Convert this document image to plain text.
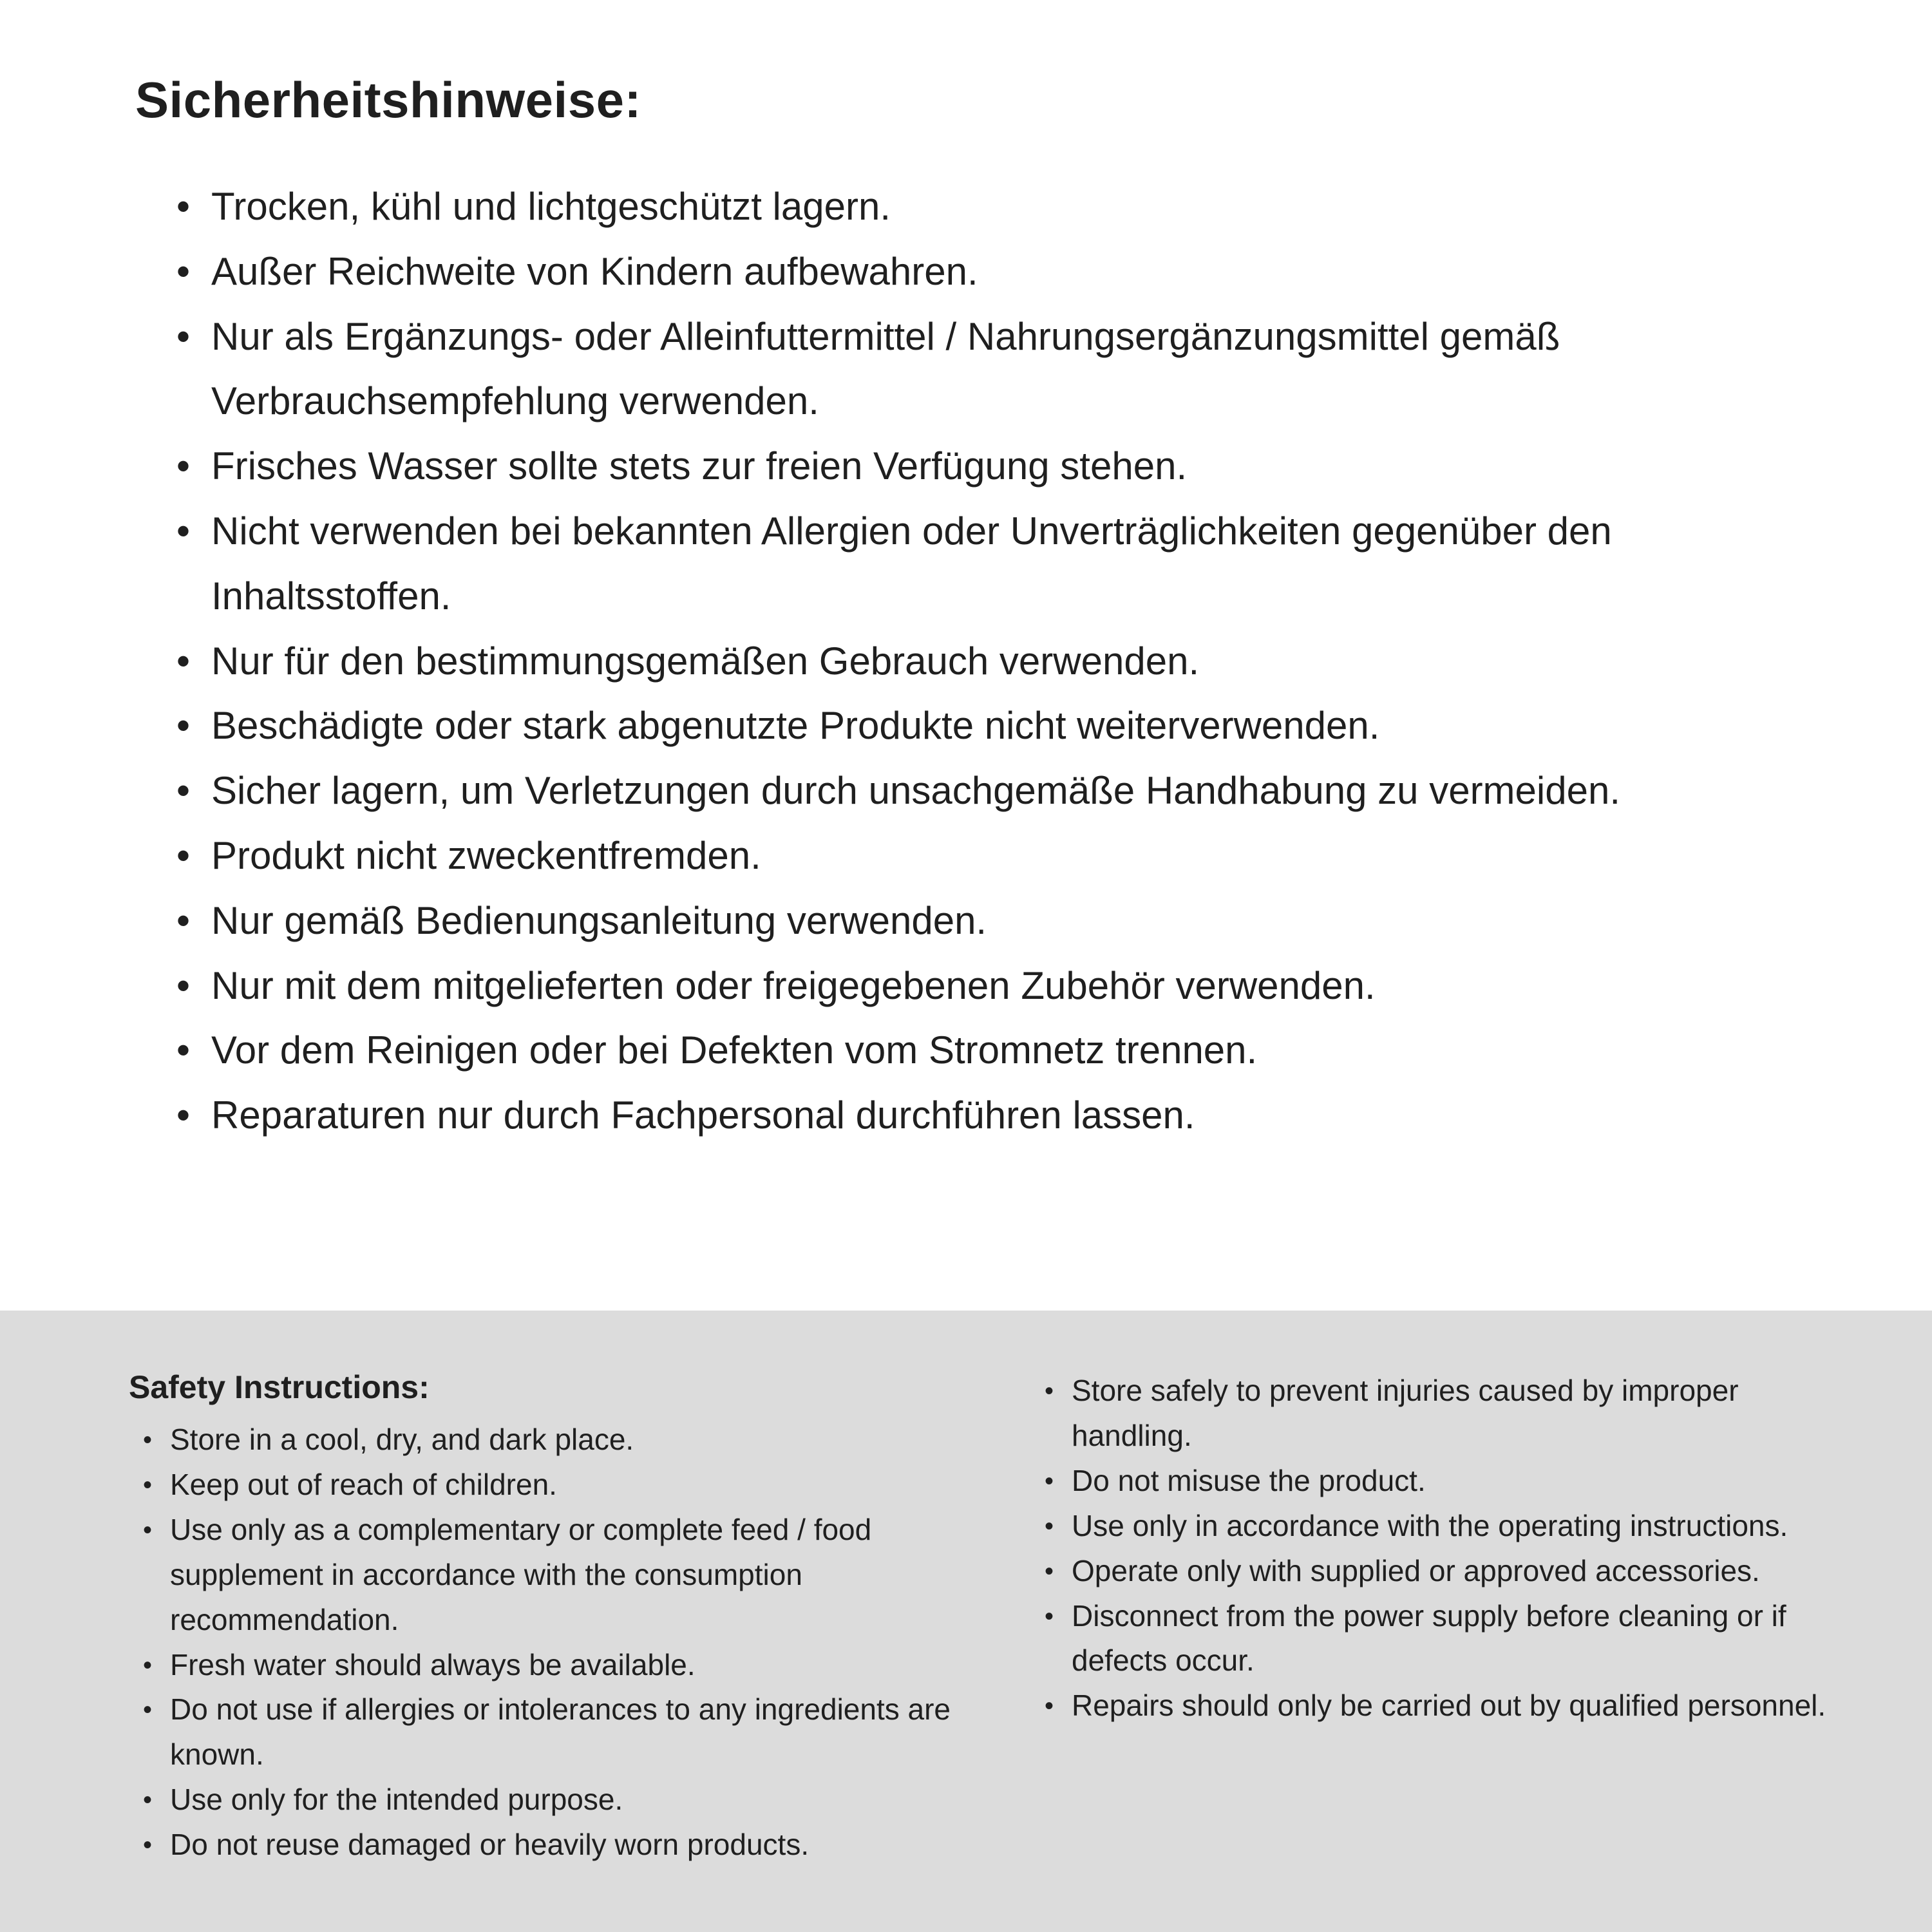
Sicherheitshinweise:
• Trocken, kühl und lichtgeschützt lagern.
• Außer Reichweite von Kindern aufbewahren.
• Nur als Ergänzungs- oder Alleinfuttermittel / Nahrungsergänzungsmittel gemäß Verbrauchsempfehlung verwenden.
• Frisches Wasser sollte stets zur freien Verfügung stehen.
• Nicht verwenden bei bekannten Allergien oder Unverträglichkeiten gegenüber den Inhaltsstoffen.
• Nur für den bestimmungsgemäßen Gebrauch verwenden.
• Beschädigte oder stark abgenutzte Produkte nicht weiterverwenden.
• Sicher lagern, um Verletzungen durch unsachgemäße Handhabung zu vermeiden.
• Produkt nicht zweckentfremden.
• Nur gemäß Bedienungsanleitung verwenden.
• Nur mit dem mitgelieferten oder freigegebenen Zubehör verwenden.
• Vor dem Reinigen oder bei Defekten vom Stromnetz trennen.
• Reparaturen nur durch Fachpersonal durchführen lassen.
Safety Instructions:
• Store in a cool, dry, and dark place.
• Keep out of reach of children.
• Use only as a complementary or complete feed / food supplement in accordance with the consumption recommendation.
• Fresh water should always be available.
• Do not use if allergies or intolerances to any ingredients are known.
• Use only for the intended purpose.
• Do not reuse damaged or heavily worn products.
• Store safely to prevent injuries caused by improper handling.
• Do not misuse the product.
• Use only in accordance with the operating instructions.
• Operate only with supplied or approved accessories.
• Disconnect from the power supply before cleaning or if defects occur.
• Repairs should only be carried out by qualified personnel.
